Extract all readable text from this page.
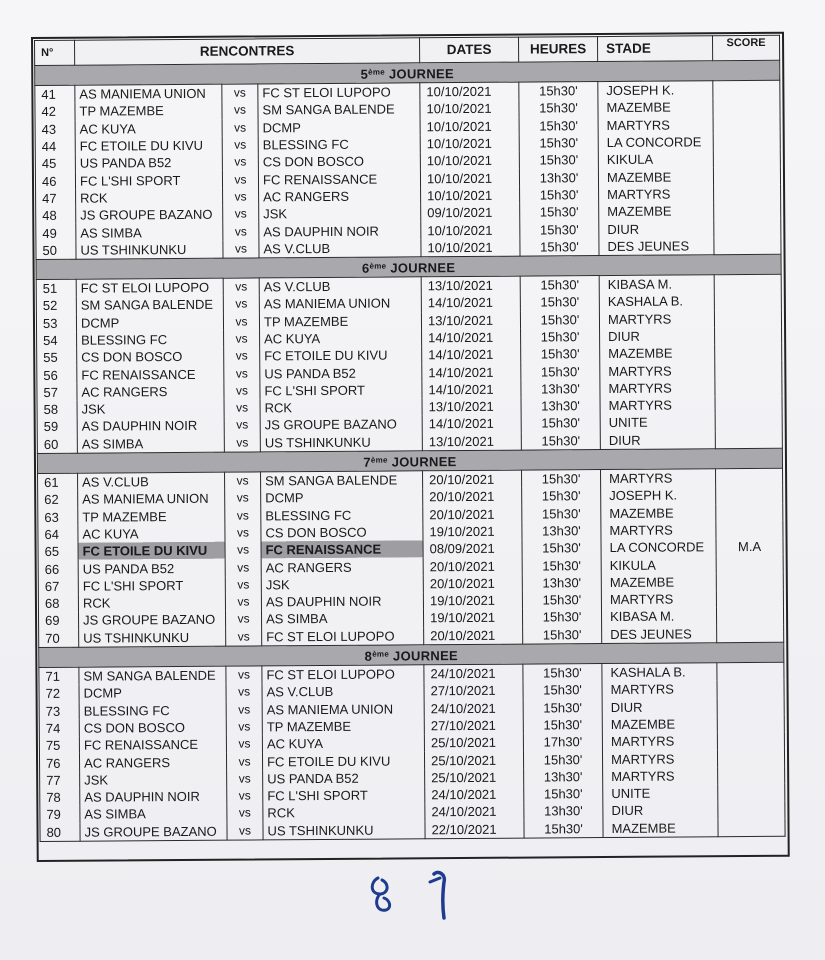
N°	RENCONTRES			DATES	HEURES	STADE	SCORE
5ème JOURNEE							
41	AS MANIEMA UNION	vs	FC ST ELOI LUPOPO	10/10/2021	15h30'	JOSEPH K.	
42	TP MAZEMBE	vs	SM SANGA BALENDE	10/10/2021	15h30'	MAZEMBE	
43	AC KUYA	vs	DCMP	10/10/2021	15h30'	MARTYRS	
44	FC ETOILE DU KIVU	vs	BLESSING FC	10/10/2021	15h30'	LA CONCORDE	
45	US PANDA B52	vs	CS DON BOSCO	10/10/2021	15h30'	KIKULA	
46	FC L'SHI SPORT	vs	FC RENAISSANCE	10/10/2021	13h30'	MAZEMBE	
47	RCK	vs	AC RANGERS	10/10/2021	15h30'	MARTYRS	
48	JS GROUPE BAZANO	vs	JSK	09/10/2021	15h30'	MAZEMBE	
49	AS SIMBA	vs	AS DAUPHIN NOIR	10/10/2021	15h30'	DIUR	
50	US TSHINKUNKU	vs	AS V.CLUB	10/10/2021	15h30'	DES JEUNES	
6ème JOURNEE							
51	FC ST ELOI LUPOPO	vs	AS V.CLUB	13/10/2021	15h30'	KIBASA M.	
52	SM SANGA BALENDE	vs	AS MANIEMA UNION	14/10/2021	15h30'	KASHALA B.	
53	DCMP	vs	TP MAZEMBE	13/10/2021	15h30'	MARTYRS	
54	BLESSING FC	vs	AC KUYA	14/10/2021	15h30'	DIUR	
55	CS DON BOSCO	vs	FC ETOILE DU KIVU	14/10/2021	15h30'	MAZEMBE	
56	FC RENAISSANCE	vs	US PANDA B52	14/10/2021	15h30'	MARTYRS	
57	AC RANGERS	vs	FC L'SHI SPORT	14/10/2021	13h30'	MARTYRS	
58	JSK	vs	RCK	13/10/2021	13h30'	MARTYRS	
59	AS DAUPHIN NOIR	vs	JS GROUPE BAZANO	14/10/2021	15h30'	UNITE	
60	AS SIMBA	vs	US TSHINKUNKU	13/10/2021	15h30'	DIUR	
7ème JOURNEE							
61	AS V.CLUB	vs	SM SANGA BALENDE	20/10/2021	15h30'	MARTYRS	
62	AS MANIEMA UNION	vs	DCMP	20/10/2021	15h30'	JOSEPH K.	
63	TP MAZEMBE	vs	BLESSING FC	20/10/2021	15h30'	MAZEMBE	
64	AC KUYA	vs	CS DON BOSCO	19/10/2021	13h30'	MARTYRS	
65	FC ETOILE DU KIVU	vs	FC RENAISSANCE	08/09/2021	15h30'	LA CONCORDE	M.A
66	US PANDA B52	vs	AC RANGERS	20/10/2021	15h30'	KIKULA	
67	FC L'SHI SPORT	vs	JSK	20/10/2021	13h30'	MAZEMBE	
68	RCK	vs	AS DAUPHIN NOIR	19/10/2021	15h30'	MARTYRS	
69	JS GROUPE BAZANO	vs	AS SIMBA	19/10/2021	15h30'	KIBASA M.	
70	US TSHINKUNKU	vs	FC ST ELOI LUPOPO	20/10/2021	15h30'	DES JEUNES	
8ème JOURNEE							
71	SM SANGA BALENDE	vs	FC ST ELOI LUPOPO	24/10/2021	15h30'	KASHALA B.	
72	DCMP	vs	AS V.CLUB	27/10/2021	15h30'	MARTYRS	
73	BLESSING FC	vs	AS MANIEMA UNION	24/10/2021	15h30'	DIUR	
74	CS DON BOSCO	vs	TP MAZEMBE	27/10/2021	15h30'	MAZEMBE	
75	FC RENAISSANCE	vs	AC KUYA	25/10/2021	17h30'	MARTYRS	
76	AC RANGERS	vs	FC ETOILE DU KIVU	25/10/2021	15h30'	MARTYRS	
77	JSK	vs	US PANDA B52	25/10/2021	13h30'	MARTYRS	
78	AS DAUPHIN NOIR	vs	FC L'SHI SPORT	24/10/2021	15h30'	UNITE	
79	AS SIMBA	vs	RCK	24/10/2021	13h30'	DIUR	
80	JS GROUPE BAZANO	vs	US TSHINKUNKU	22/10/2021	15h30'	MAZEMBE	
